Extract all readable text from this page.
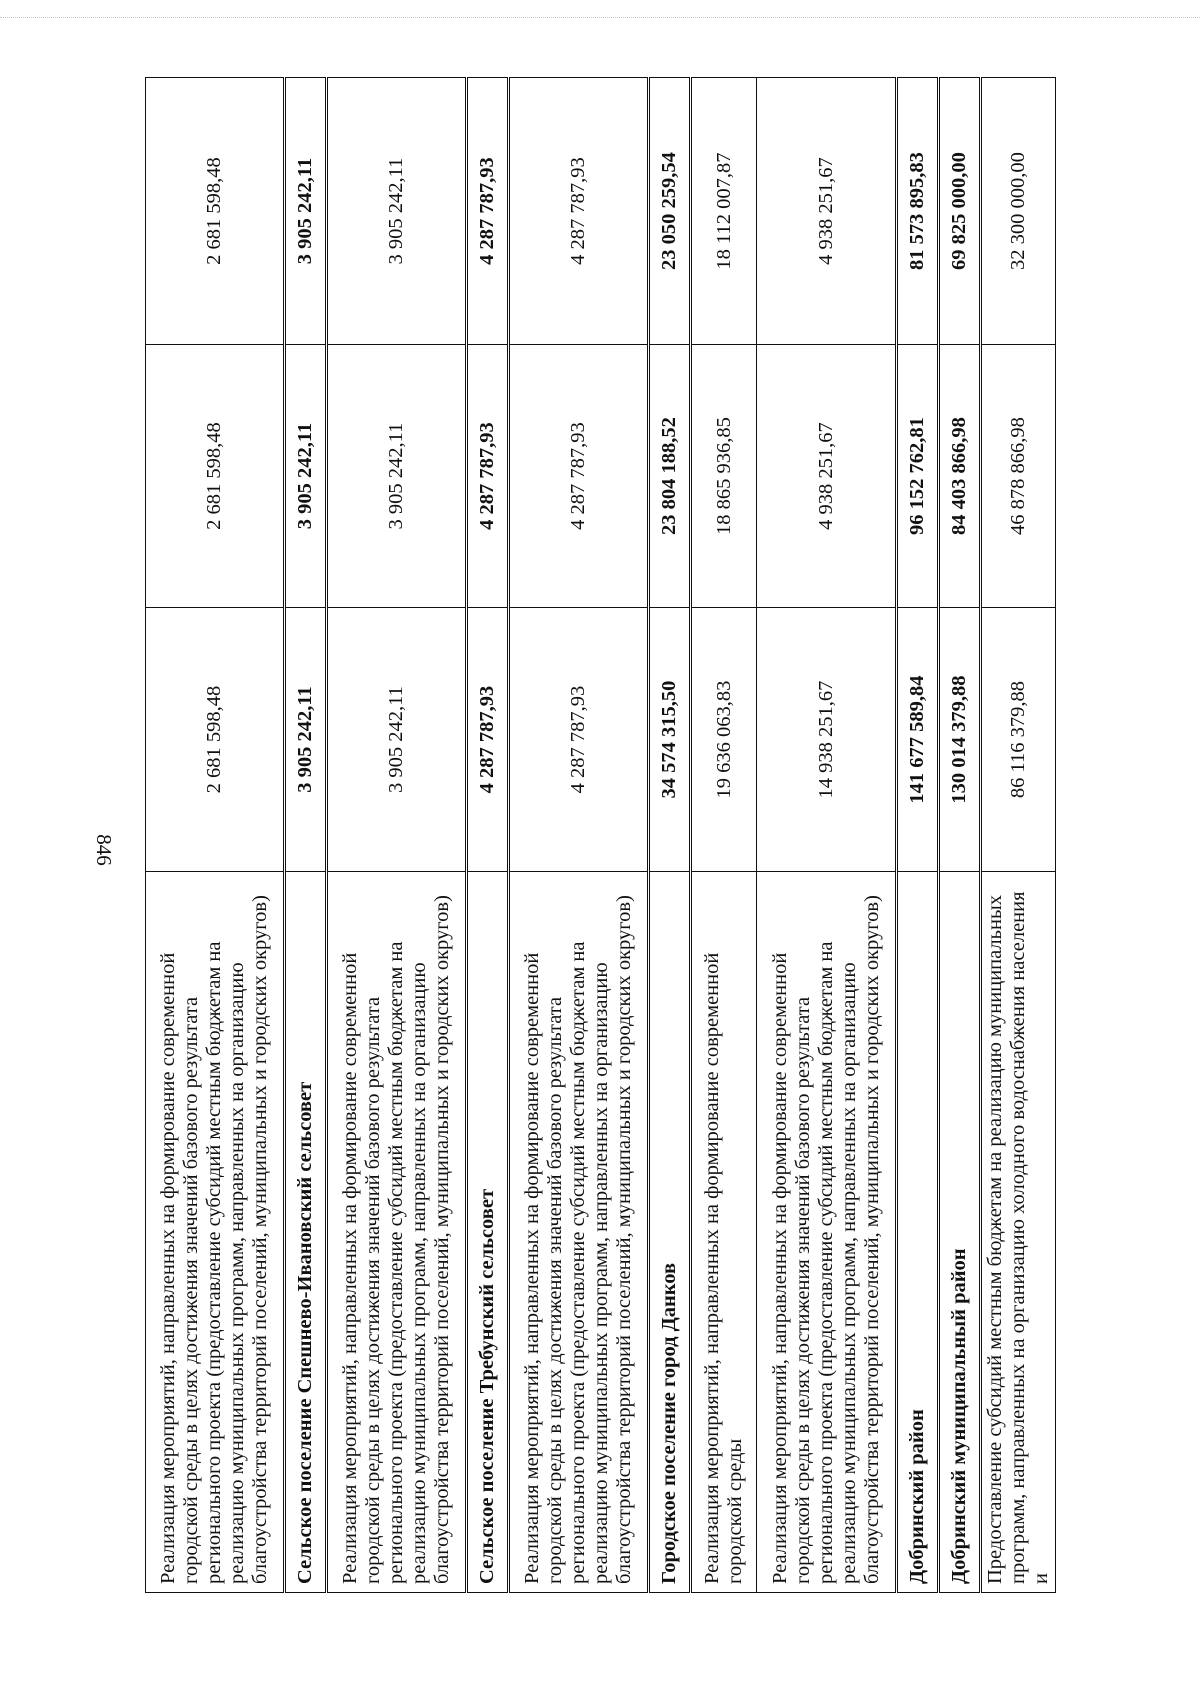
846
Реализация мероприятий, направленных на формирование современной городской среды в целях достижения значений базового результата регионального проекта (предоставление субсидий местным бюджетам на реализацию муниципальных программ, направленных на организацию благоустройства территорий поселений, муниципальных и городских округов)	2 681 598,48	2 681 598,48	2 681 598,48
Сельское поселение Спешнево-Ивановский сельсовет	3 905 242,11	3 905 242,11	3 905 242,11
Реализация мероприятий, направленных на формирование современной городской среды в целях достижения значений базового результата регионального проекта (предоставление субсидий местным бюджетам на реализацию муниципальных программ, направленных на организацию благоустройства территорий поселений, муниципальных и городских округов)	3 905 242,11	3 905 242,11	3 905 242,11
Сельское поселение Требунский сельсовет	4 287 787,93	4 287 787,93	4 287 787,93
Реализация мероприятий, направленных на формирование современной городской среды в целях достижения значений базового результата регионального проекта (предоставление субсидий местным бюджетам на реализацию муниципальных программ, направленных на организацию благоустройства территорий поселений, муниципальных и городских округов)	4 287 787,93	4 287 787,93	4 287 787,93
Городское поселение город Данков	34 574 315,50	23 804 188,52	23 050 259,54
Реализация мероприятий, направленных на формирование современной городской среды	19 636 063,83	18 865 936,85	18 112 007,87
Реализация мероприятий, направленных на формирование современной городской среды в целях достижения значений базового результата регионального проекта (предоставление субсидий местным бюджетам на реализацию муниципальных программ, направленных на организацию благоустройства территорий поселений, муниципальных и городских округов)	14 938 251,67	4 938 251,67	4 938 251,67
Добринский район	141 677 589,84	96 152 762,81	81 573 895,83
Добринский муниципальный район	130 014 379,88	84 403 866,98	69 825 000,00
Предоставление субсидий местным бюджетам на реализацию муниципальных программ, направленных на организацию холодного водоснабжения населения и	86 116 379,88	46 878 866,98	32 300 000,00
